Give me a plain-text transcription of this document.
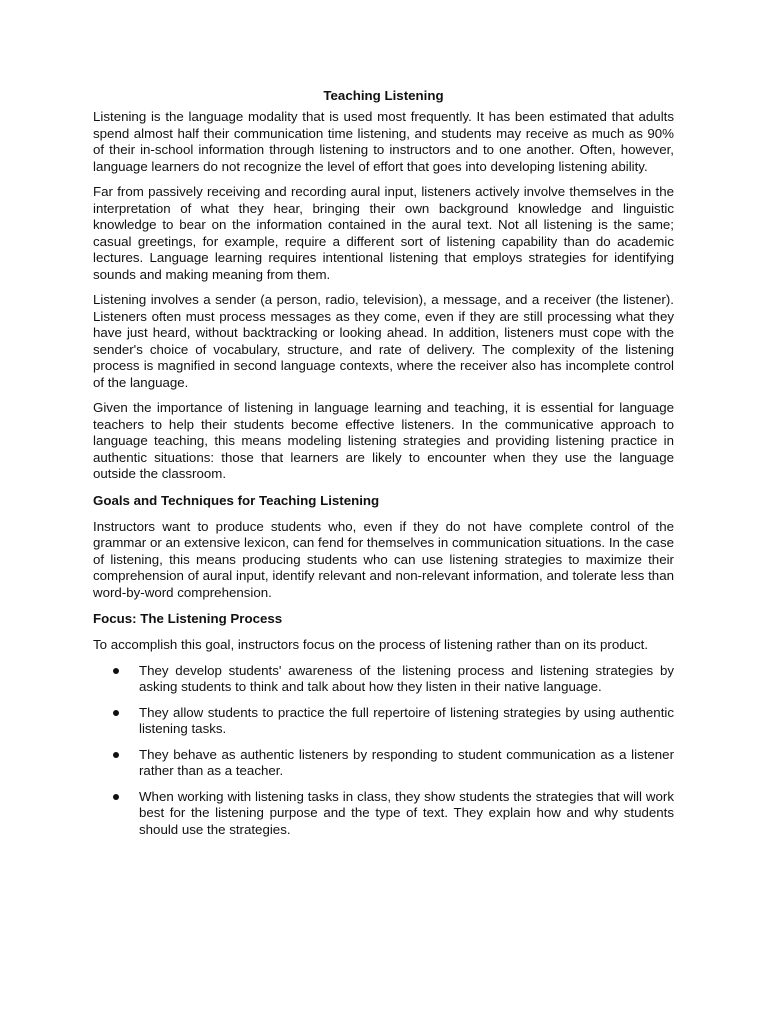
Teaching Listening

Listening is the language modality that is used most frequently. It has been estimated that adults spend almost half their communication time listening, and students may receive as much as 90% of their in-school information through listening to instructors and to one another. Often, however, language learners do not recognize the level of effort that goes into developing listening ability.

Far from passively receiving and recording aural input, listeners actively involve themselves in the interpretation of what they hear, bringing their own background knowledge and linguistic knowledge to bear on the information contained in the aural text. Not all listening is the same; casual greetings, for example, require a different sort of listening capability than do academic lectures. Language learning requires intentional listening that employs strategies for identifying sounds and making meaning from them.

Listening involves a sender (a person, radio, television), a message, and a receiver (the listener). Listeners often must process messages as they come, even if they are still processing what they have just heard, without backtracking or looking ahead. In addition, listeners must cope with the sender's choice of vocabulary, structure, and rate of delivery. The complexity of the listening process is magnified in second language contexts, where the receiver also has incomplete control of the language.

Given the importance of listening in language learning and teaching, it is essential for language teachers to help their students become effective listeners. In the communicative approach to language teaching, this means modeling listening strategies and providing listening practice in authentic situations: those that learners are likely to encounter when they use the language outside the classroom.

Goals and Techniques for Teaching Listening

Instructors want to produce students who, even if they do not have complete control of the grammar or an extensive lexicon, can fend for themselves in communication situations. In the case of listening, this means producing students who can use listening strategies to maximize their comprehension of aural input, identify relevant and non-relevant information, and tolerate less than word-by-word comprehension.

Focus: The Listening Process

To accomplish this goal, instructors focus on the process of listening rather than on its product.

They develop students' awareness of the listening process and listening strategies by asking students to think and talk about how they listen in their native language.
They allow students to practice the full repertoire of listening strategies by using authentic listening tasks.
They behave as authentic listeners by responding to student communication as a listener rather than as a teacher.
When working with listening tasks in class, they show students the strategies that will work best for the listening purpose and the type of text. They explain how and why students should use the strategies.
